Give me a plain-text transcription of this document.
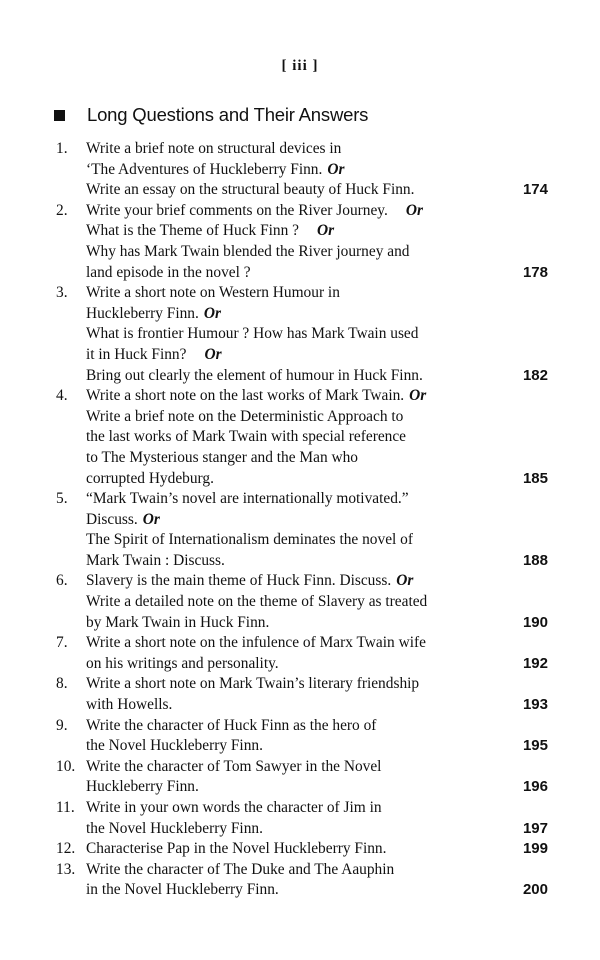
[ iii ]
Long Questions and Their Answers
1. Write a brief note on structural devices in
‘The Adventures of Huckleberry Finn. Or
Write an essay on the structural beauty of Huck Finn.	174
2. Write your brief comments on the River Journey. Or
What is the Theme of Huck Finn ? Or
Why has Mark Twain blended the River journey and
land episode in the novel ?	178
3. Write a short note on Western Humour in
Huckleberry Finn. Or
What is frontier Humour ? How has Mark Twain used
it in Huck Finn? Or
Bring out clearly the element of humour in Huck Finn.	182
4. Write a short note on the last works of Mark Twain. Or
Write a brief note on the Deterministic Approach to
the last works of Mark Twain with special reference
to The Mysterious stanger and the Man who
corrupted Hydeburg.	185
5. “Mark Twain’s novel are internationally motivated.”
Discuss. Or
The Spirit of Internationalism deminates the novel of
Mark Twain : Discuss.	188
6. Slavery is the main theme of Huck Finn. Discuss. Or
Write a detailed note on the theme of Slavery as treated
by Mark Twain in Huck Finn.	190
7. Write a short note on the infulence of Marx Twain wife
on his writings and personality.	192
8. Write a short note on Mark Twain’s literary friendship
with Howells.	193
9. Write the character of Huck Finn as the hero of
the Novel Huckleberry Finn.	195
10. Write the character of Tom Sawyer in the Novel
Huckleberry Finn.	196
11. Write in your own words the character of Jim in
the Novel Huckleberry Finn.	197
12. Characterise Pap in the Novel Huckleberry Finn.	199
13. Write the character of The Duke and The Aauphin
in the Novel Huckleberry Finn.	200
